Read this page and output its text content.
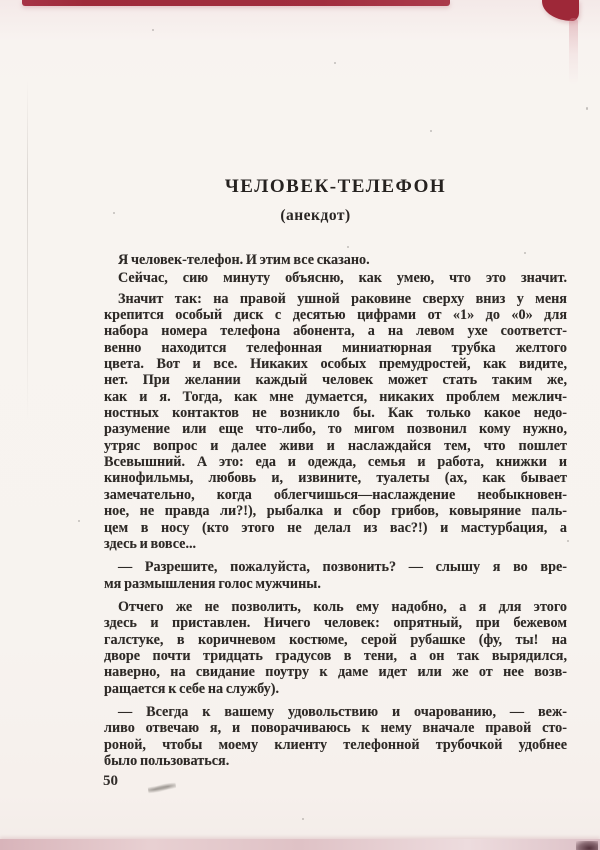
ЧЕЛОВЕК-ТЕЛЕФОН
(анекдот)
Я человек-телефон. И этим все сказано.
Сейчас, сию минуту объясню, как умею, что это значит.
Значит так: на правой ушной раковине сверху вниз у меня
крепится особый диск с десятью цифрами от «1» до «0» для
набора номера телефона абонента, а на левом ухе соответст-
венно находится телефонная миниатюрная трубка желтого
цвета. Вот и все. Никаких особых премудростей, как видите,
нет. При желании каждый человек может стать таким же,
как и я. Тогда, как мне думается, никаких проблем межлич-
ностных контактов не возникло бы. Как только какое недо-
разумение или еще что-либо, то мигом позвонил кому нужно,
утряс вопрос и далее живи и наслаждайся тем, что пошлет
Всевышний. А это: еда и одежда, семья и работа, книжки и
кинофильмы, любовь и, извините, туалеты (ах, как бывает
замечательно, когда облегчишься—наслаждение необыкновен-
ное, не правда ли?!), рыбалка и сбор грибов, ковыряние паль-
цем в носу (кто этого не делал из вас?!) и мастурбация, а
здесь и вовсе...
— Разрешите, пожалуйста, позвонить? — слышу я во вре-
мя размышления голос мужчины.
Отчего же не позволить, коль ему надобно, а я для этого
здесь и приставлен. Ничего человек: опрятный, при бежевом
галстуке, в коричневом костюме, серой рубашке (фу, ты! на
дворе почти тридцать градусов в тени, а он так вырядился,
наверно, на свидание поутру к даме идет или же от нее возв-
ращается к себе на службу).
— Всегда к вашему удовольствию и очарованию, — веж-
ливо отвечаю я, и поворачиваюсь к нему вначале правой сто-
роной, чтобы моему клиенту телефонной трубочкой удобнее
было пользоваться.
50
